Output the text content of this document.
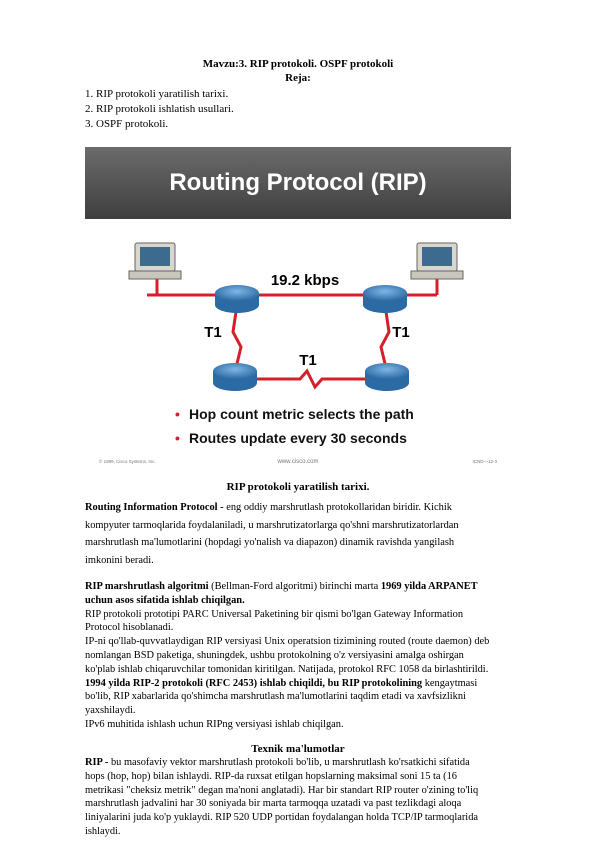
Mavzu:3. RIP protokoli. OSPF protokoli
Reja:
1. RIP protokoli yaratilish tarixi.
2. RIP protokoli ishlatish usullari.
3. OSPF protokoli.
Routing Protocol (RIP)
19.2 kbps
T1	T1
T1
• Hop count metric selects the path
• Routes update every 30 seconds
© 1999, Cisco Systems, Inc.	www.cisco.com	ICND—12-3
RIP protokoli yaratilish tarixi.
Routing Information Protocol - eng oddiy marshrutlash protokollaridan biridir. Kichik
kompyuter tarmoqlarida foydalaniladi, u marshrutizatorlarga qo'shni marshrutizatorlardan
marshrutlash ma'lumotlarini (hopdagi yo'nalish va diapazon) dinamik ravishda yangilash
imkonini beradi.
RIP marshrutlash algoritmi (Bellman-Ford algoritmi) birinchi marta 1969 yilda ARPANET
uchun asos sifatida ishlab chiqilgan.
RIP protokoli prototipi PARC Universal Paketining bir qismi bo'lgan Gateway Information
Protocol hisoblanadi.
IP-ni qo'llab-quvvatlaydigan RIP versiyasi Unix operatsion tizimining routed (route daemon) deb
nomlangan BSD paketiga, shuningdek, ushbu protokolning o'z versiyasini amalga oshirgan
ko'plab ishlab chiqaruvchilar tomonidan kiritilgan. Natijada, protokol RFC 1058 da birlashtirildi.
1994 yilda RIP-2 protokoli (RFC 2453) ishlab chiqildi, bu RIP protokolining kengaytmasi
bo'lib, RIP xabarlarida qo'shimcha marshrutlash ma'lumotlarini taqdim etadi va xavfsizlikni
yaxshilaydi.
IPv6 muhitida ishlash uchun RIPng versiyasi ishlab chiqilgan.
Texnik ma'lumotlar
RIP - bu masofaviy vektor marshrutlash protokoli bo'lib, u marshrutlash ko'rsatkichi sifatida
hops (hop, hop) bilan ishlaydi. RIP-da ruxsat etilgan hopslarning maksimal soni 15 ta (16
metrikasi "cheksiz metrik" degan ma'noni anglatadi). Har bir standart RIP router o'zining to'liq
marshrutlash jadvalini har 30 soniyada bir marta tarmoqqa uzatadi va past tezlikdagi aloqa
liniyalarini juda ko'p yuklaydi. RIP 520 UDP portidan foydalangan holda TCP/IP tarmoqlarida
ishlaydi.
